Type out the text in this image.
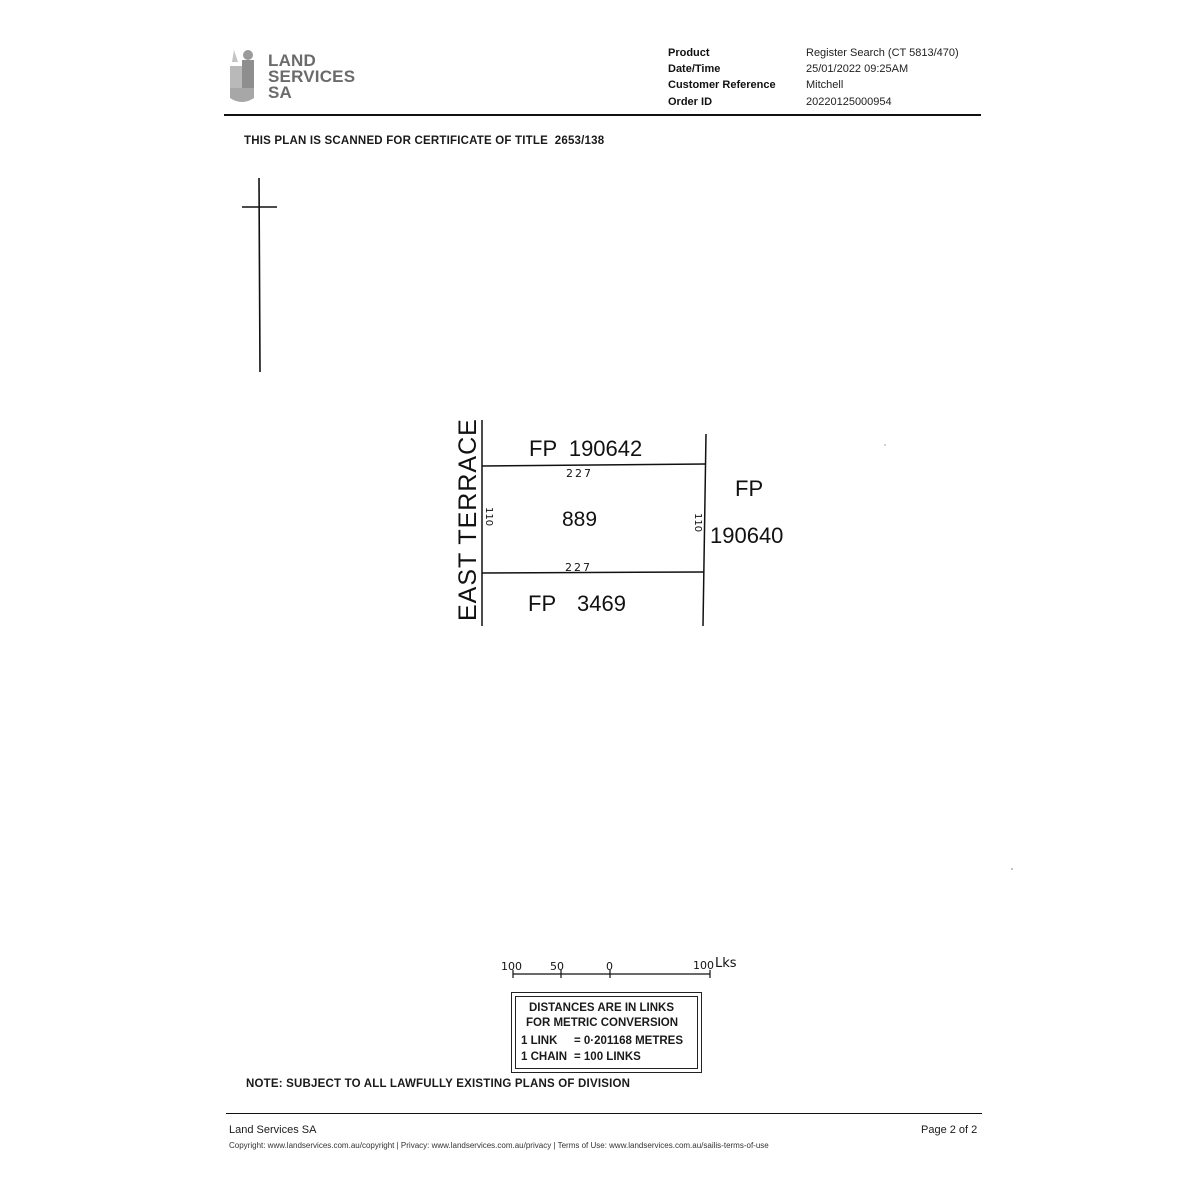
LAND
SERVICES
SA
Product	Register Search (CT 5813/470)
Date/Time	25/01/2022 09:25AM
Customer Reference	Mitchell
Order ID	20220125000954
THIS PLAN IS SCANNED FOR CERTIFICATE OF TITLE 2653/138
EAST TERRACE FP 190642
FP 3469
FP
190640
889
227
227
110	110
100	50	0	100 Lks
DISTANCES ARE IN LINKS
FOR METRIC CONVERSION
1 LINK = 0·201168 METRES
1 CHAIN = 100 LINKS
NOTE: SUBJECT TO ALL LAWFULLY EXISTING PLANS OF DIVISION
Land Services SA	Page 2 of 2
Copyright: www.landservices.com.au/copyright | Privacy: www.landservices.com.au/privacy | Terms of Use: www.landservices.com.au/sailis-terms-of-use
